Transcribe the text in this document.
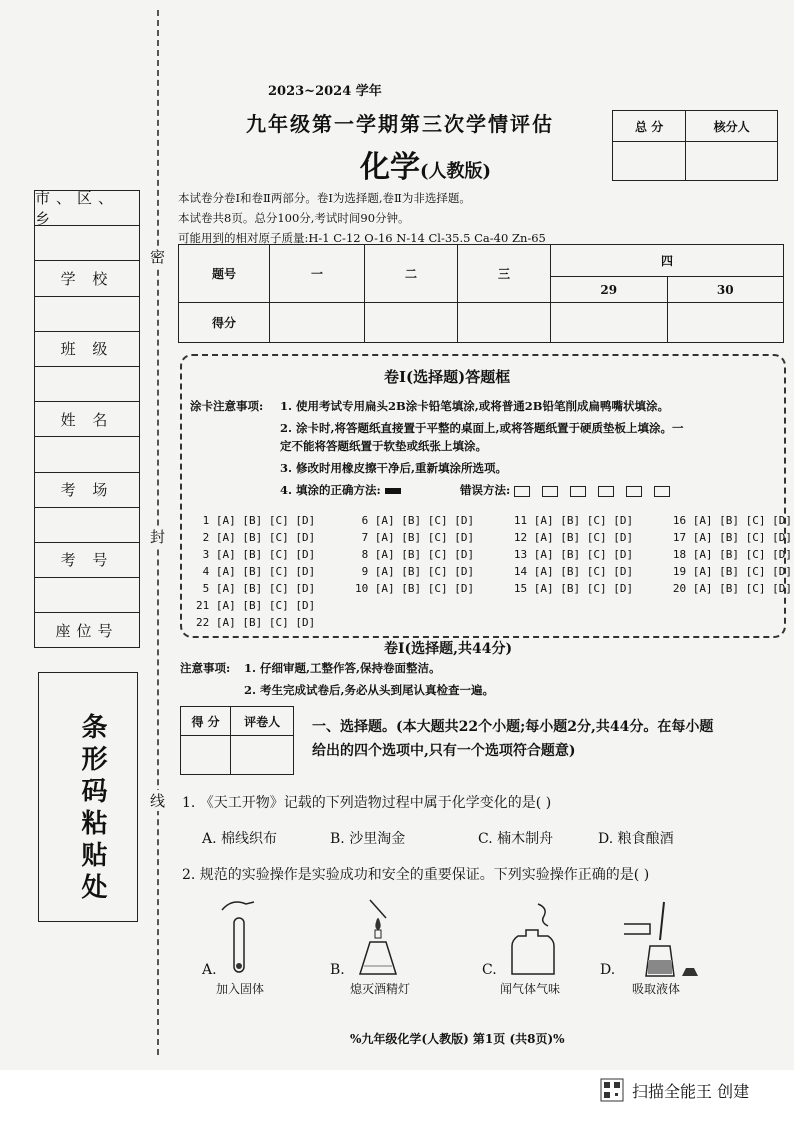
市、区、乡
学 校
班 级
姓 名
考 场
考 号
座位号
条形码粘贴处
密
封
线
2023~2024 学年
九年级第一学期第三次学情评估
化学(人教版)
总 分	核分人

本试卷分卷Ⅰ和卷Ⅱ两部分。卷Ⅰ为选择题,卷Ⅱ为非选择题。
本试卷共8页。总分100分,考试时间90分钟。
可能用到的相对原子质量:H-1 C-12 O-16 N-14 Cl-35.5 Ca-40 Zn-65
题号	一	二	三	四	
				29	30
得分					
卷Ⅰ(选择题)答题框
涂卡注意事项: 1. 使用考试专用扁头2B涂卡铅笔填涂,或将普通2B铅笔削成扁鸭嘴状填涂。
2. 涂卡时,将答题纸直接置于平整的桌面上,或将答题纸置于硬质垫板上填涂。一
定不能将答题纸置于软垫或纸张上填涂。
3. 修改时用橡皮擦干净后,重新填涂所选项。
4. 填涂的正确方法:	错误方法:
1 [A] [B] [C] [D]       6 [A] [B] [C] [D]      11 [A] [B] [C] [D]      16 [A] [B] [C] [D]
2 [A] [B] [C] [D]       7 [A] [B] [C] [D]      12 [A] [B] [C] [D]      17 [A] [B] [C] [D]
3 [A] [B] [C] [D]       8 [A] [B] [C] [D]      13 [A] [B] [C] [D]      18 [A] [B] [C] [D]
4 [A] [B] [C] [D]       9 [A] [B] [C] [D]      14 [A] [B] [C] [D]      19 [A] [B] [C] [D]
5 [A] [B] [C] [D]      10 [A] [B] [C] [D]      15 [A] [B] [C] [D]      20 [A] [B] [C] [D]
21 [A] [B] [C] [D]
22 [A] [B] [C] [D]
卷Ⅰ(选择题,共44分)
注意事项: 1. 仔细审题,工整作答,保持卷面整洁。
2. 考生完成试卷后,务必从头到尾认真检查一遍。
得 分	评卷人
	一、选择题。(本大题共22个小题;每小题2分,共44分。在每小题
给出的四个选项中,只有一个选项符合题意)
1. 《天工开物》记载的下列造物过程中属于化学变化的是( )
A. 棉线织布	B. 沙里淘金	C. 楠木制舟	D. 粮食酿酒
2. 规范的实验操作是实验成功和安全的重要保证。下列实验操作正确的是( )
A.
加入固体
B.
熄灭酒精灯
C.
闻气体气味
D.
吸取液体
%九年级化学(人教版) 第1页 (共8页)%
扫描全能王 创建
